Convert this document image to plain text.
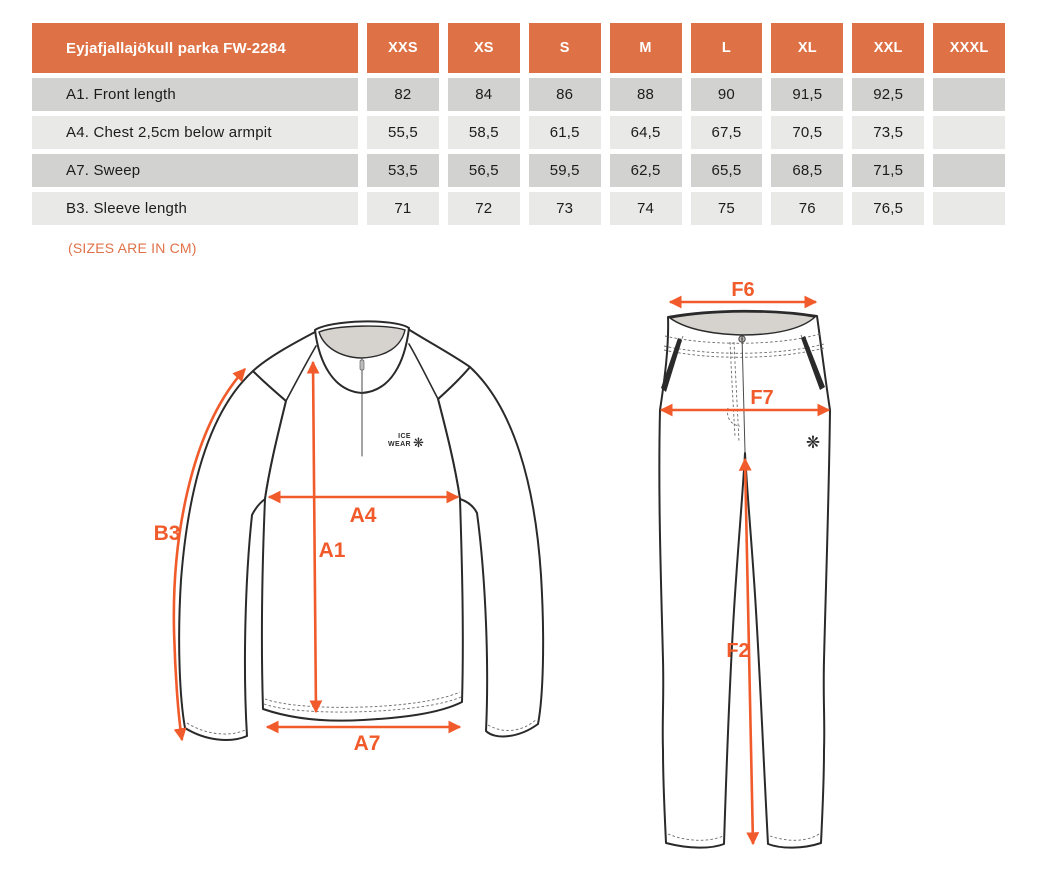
Eyjafjallajökull parka FW-2284	XXS	XS	S	M	L	XL	XXL	XXXL
A1. Front length	82	84	86	88	90	91,5	92,5
A4. Chest 2,5cm below armpit	55,5	58,5	61,5	64,5	67,5	70,5	73,5
A7. Sweep	53,5	56,5	59,5	62,5	65,5	68,5	71,5
B3. Sleeve length	71	72	73	74	75	76	76,5
(SIZES ARE IN CM)
ICE
WEAR ❋
B3
A4
A1
A7
❋
F6
F7
F2
